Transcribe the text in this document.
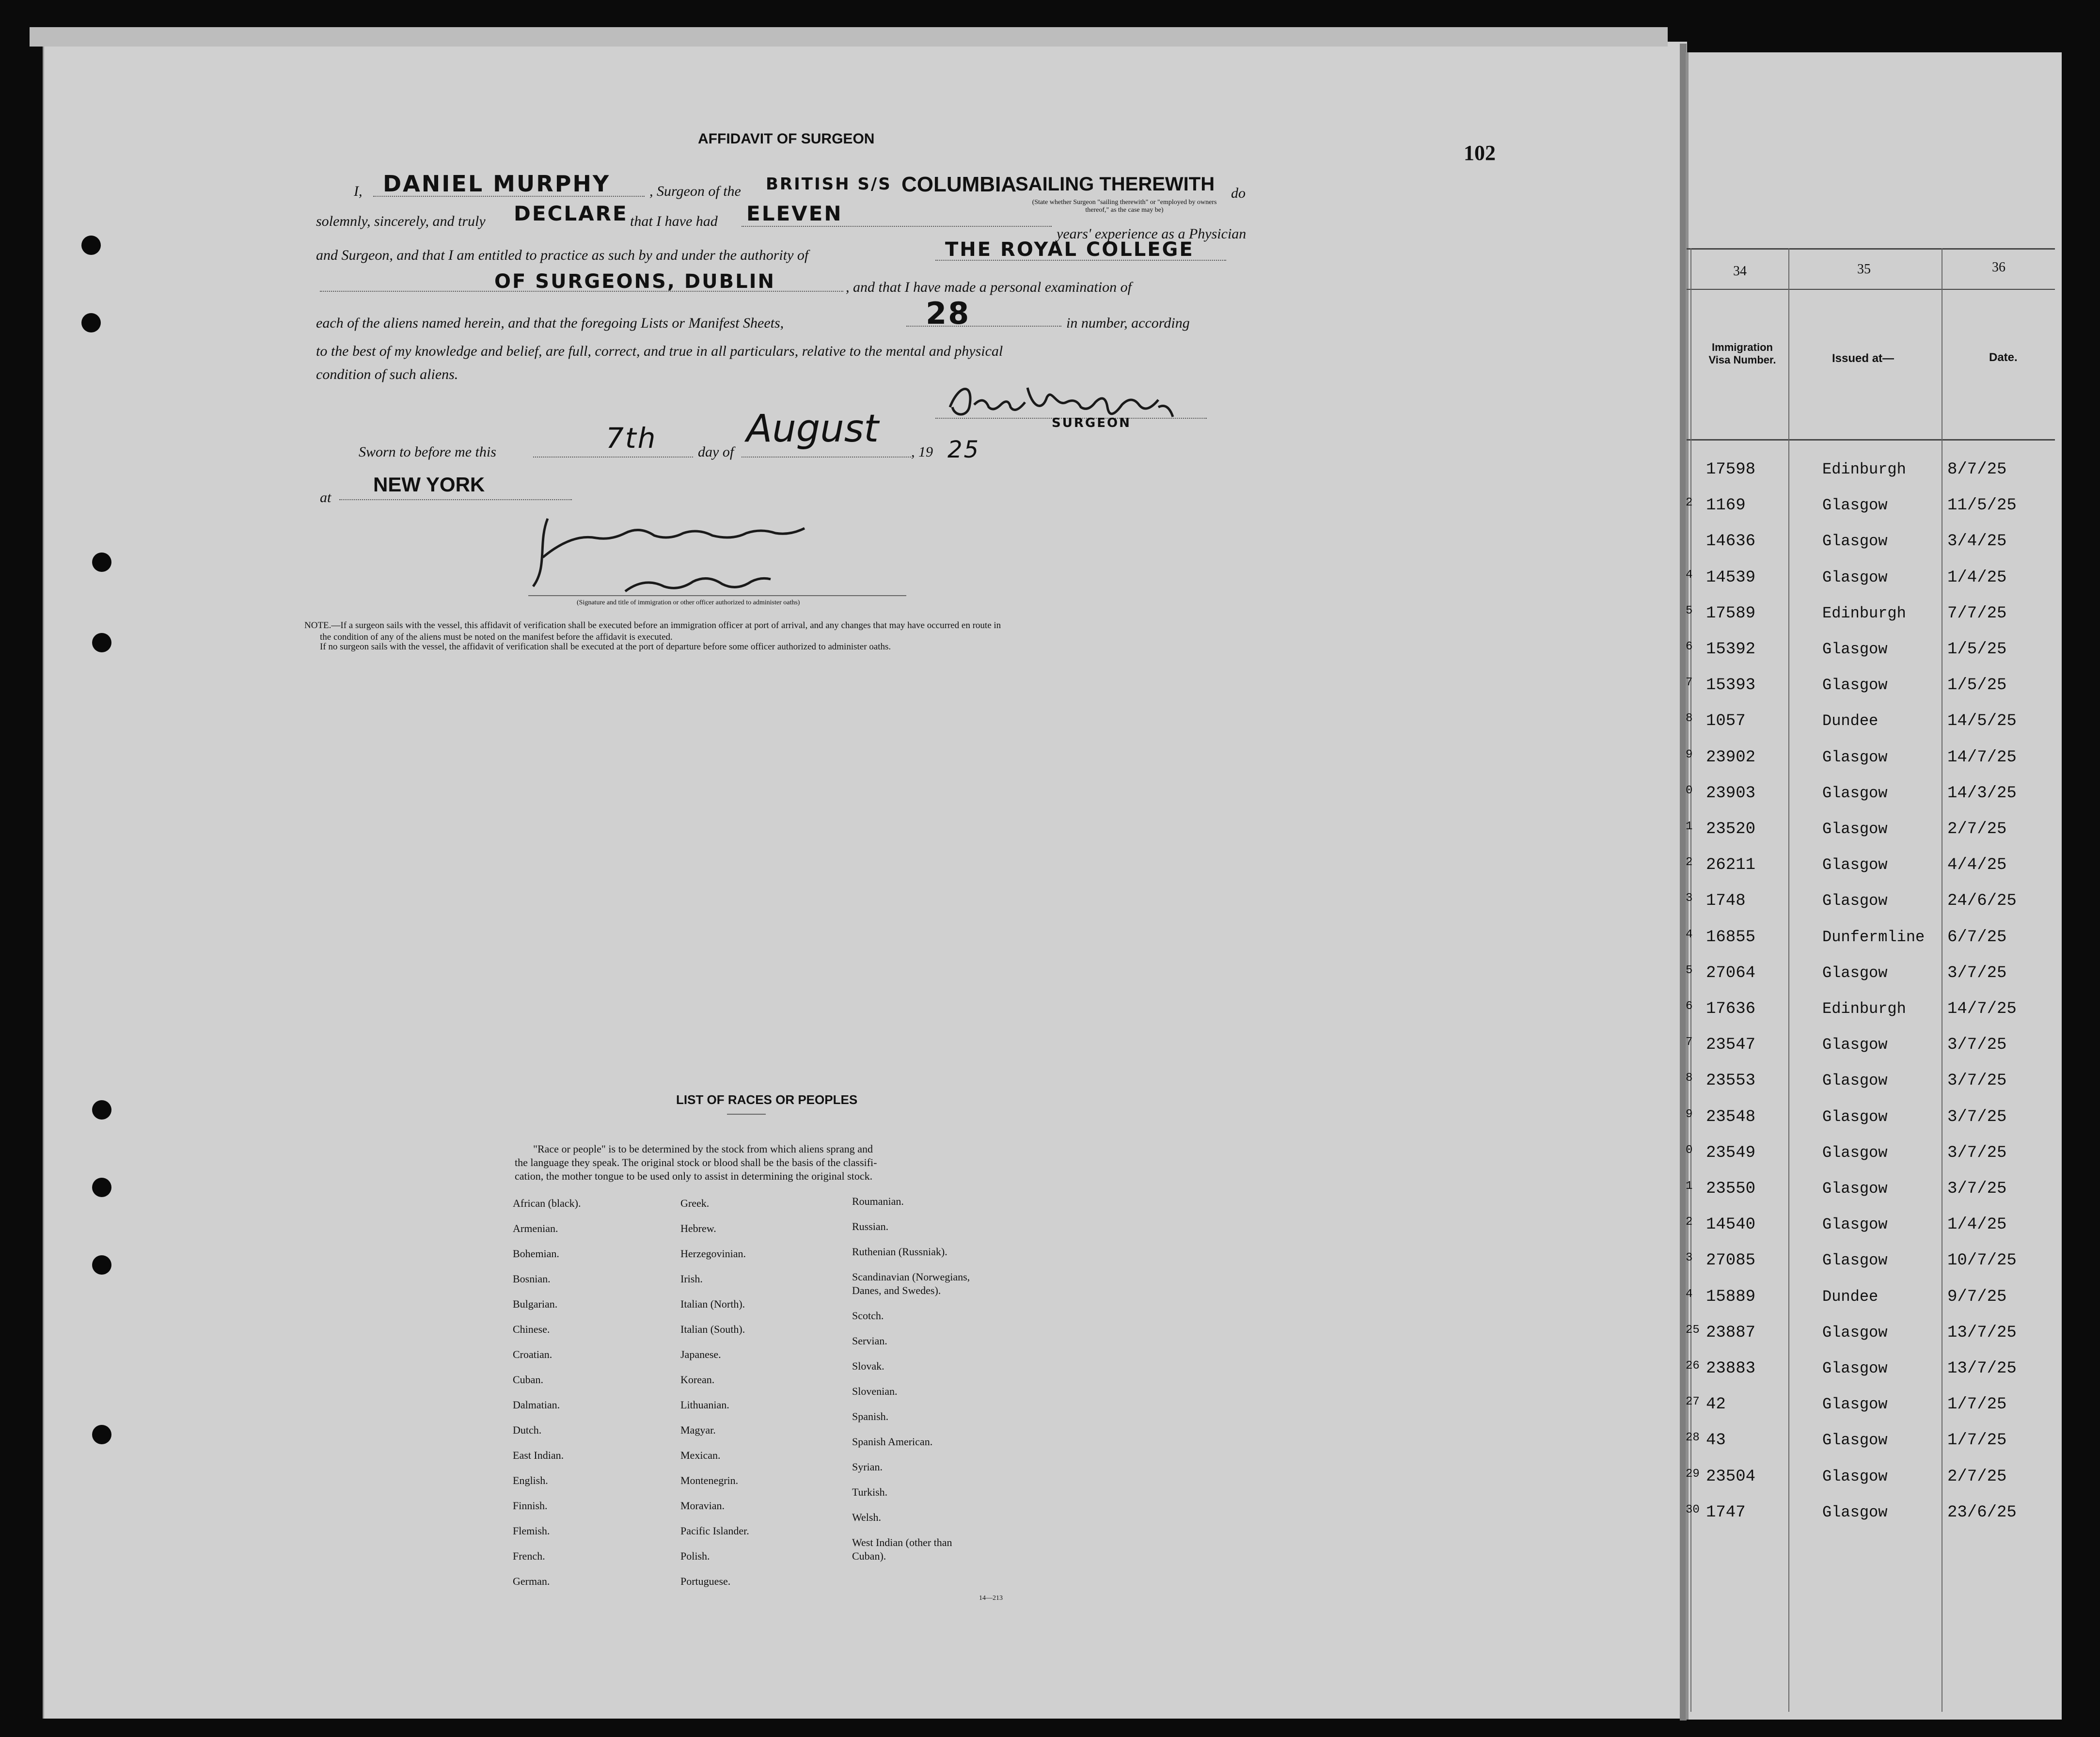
102
AFFIDAVIT OF SURGEON
I, DANIEL MURPHY	, Surgeon of the BRITISH S/S COLUMBIA
SAILING THEREWITH do
solemnly, sincerely, and truly DECLARE that I have had ELEVEN	(State whether Surgeon "sailing therewith" or "employed by owners thereof," as the case may be)
years' experience as a Physician
and Surgeon, and that I am entitled to practice as such by and under the authority of	THE ROYAL COLLEGE
OF SURGEONS, DUBLIN	, and that I have made a personal examination of
each of the aliens named herein, and that the foregoing Lists or Manifest Sheets,	28	in number, according
to the best of my knowledge and belief, are full, correct, and true in all particulars, relative to the mental and physical
condition of such aliens.
SURGEON
Sworn to before me this	7th	day of
August
, 19 25
at
NEW YORK
(Signature and title of immigration or other officer authorized to administer oaths)
NOTE.—If a surgeon sails with the vessel, this affidavit of verification shall be executed before an immigration officer at port of arrival, and any changes that may have occurred en route in
the condition of any of the aliens must be noted on the manifest before the affidavit is executed.
If no surgeon sails with the vessel, the affidavit of verification shall be executed at the port of departure before some officer authorized to administer oaths.
LIST OF RACES OR PEOPLES
"Race or people" is to be determined by the stock from which aliens sprang and
the language they speak. The original stock or blood shall be the basis of the classifi-
cation, the mother tongue to be used only to assist in determining the original stock.
African (black).
Armenian.
Bohemian.
Bosnian.
Bulgarian.
Chinese.
Croatian.
Cuban.
Dalmatian.
Dutch.
East Indian.
English.
Finnish.
Flemish.
French.
German.
Greek.
Hebrew.
Herzegovinian.
Irish.
Italian (North).
Italian (South).
Japanese.
Korean.
Lithuanian.
Magyar.
Mexican.
Montenegrin.
Moravian.
Pacific Islander.
Polish.
Portuguese.
Roumanian.
Russian.
Ruthenian (Russniak).
Scandinavian (Norwegians,
Danes, and Swedes).
Scotch.
Servian.
Slovak.
Slovenian.
Spanish.
Spanish American.
Syrian.
Turkish.
Welsh.
West Indian (other than
Cuban).
14—213
34	35	36
Immigration Visa Number.	Issued at—	Date.
17598	Edinburgh	8/7/25
2 1169	Glasgow	11/5/25
14636	Glasgow	3/4/25
4 14539	Glasgow	1/4/25
5 17589	Edinburgh	7/7/25
6 15392	Glasgow	1/5/25
7 15393	Glasgow	1/5/25
8 1057	Dundee	14/5/25
9 23902	Glasgow	14/7/25
0 23903	Glasgow	14/3/25
1 23520	Glasgow	2/7/25
2 26211	Glasgow	4/4/25
3 1748	Glasgow	24/6/25
4 16855	Dunfermline 6/7/25
5 27064	Glasgow	3/7/25
6 17636	Edinburgh	14/7/25
7 23547	Glasgow	3/7/25
8 23553	Glasgow	3/7/25
9 23548	Glasgow	3/7/25
0 23549	Glasgow	3/7/25
1 23550	Glasgow	3/7/25
2 14540	Glasgow	1/4/25
3 27085	Glasgow	10/7/25
4 15889	Dundee	9/7/25
25 23887	Glasgow	13/7/25
26 23883	Glasgow	13/7/25
27 42	Glasgow	1/7/25
28 43	Glasgow	1/7/25
29 23504	Glasgow	2/7/25
30 1747	Glasgow	23/6/25
